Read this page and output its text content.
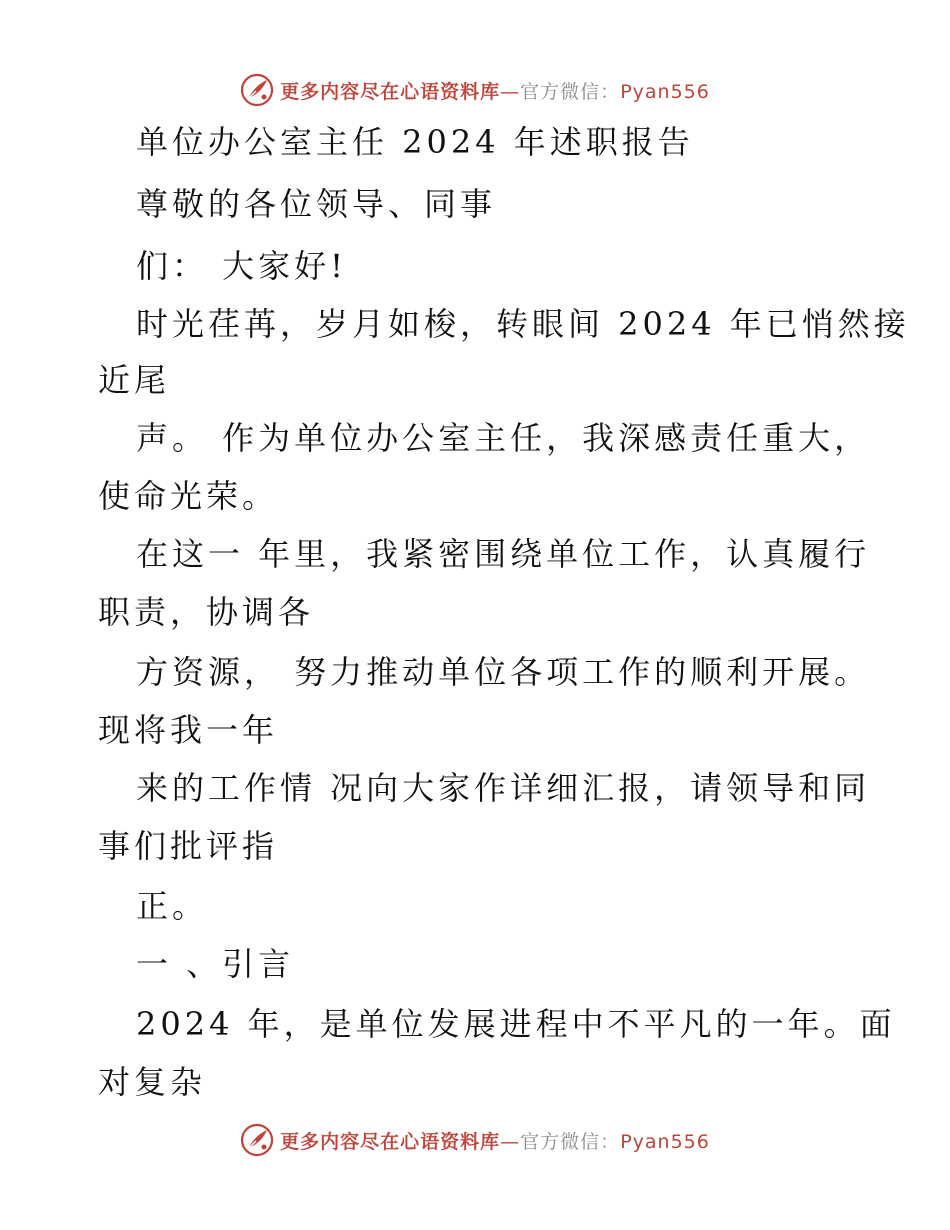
更多内容尽在心语资料库—官方微信：Pyan556
单位办公室主任 2024 年述职报告
尊敬的各位领导、同事
们： 大家好!
时光荏苒，岁月如梭，转眼间 2024 年已悄然接
近尾
声。 作为单位办公室主任，我深感责任重大，
使命光荣。
在这一 年里，我紧密围绕单位工作，认真履行
职责，协调各
方资源， 努力推动单位各项工作的顺利开展。
现将我一年
来的工作情 况向大家作详细汇报，请领导和同
事们批评指
正。
一 、引言
2024 年，是单位发展进程中不平凡的一年。面
对复杂
更多内容尽在心语资料库—官方微信：Pyan556
